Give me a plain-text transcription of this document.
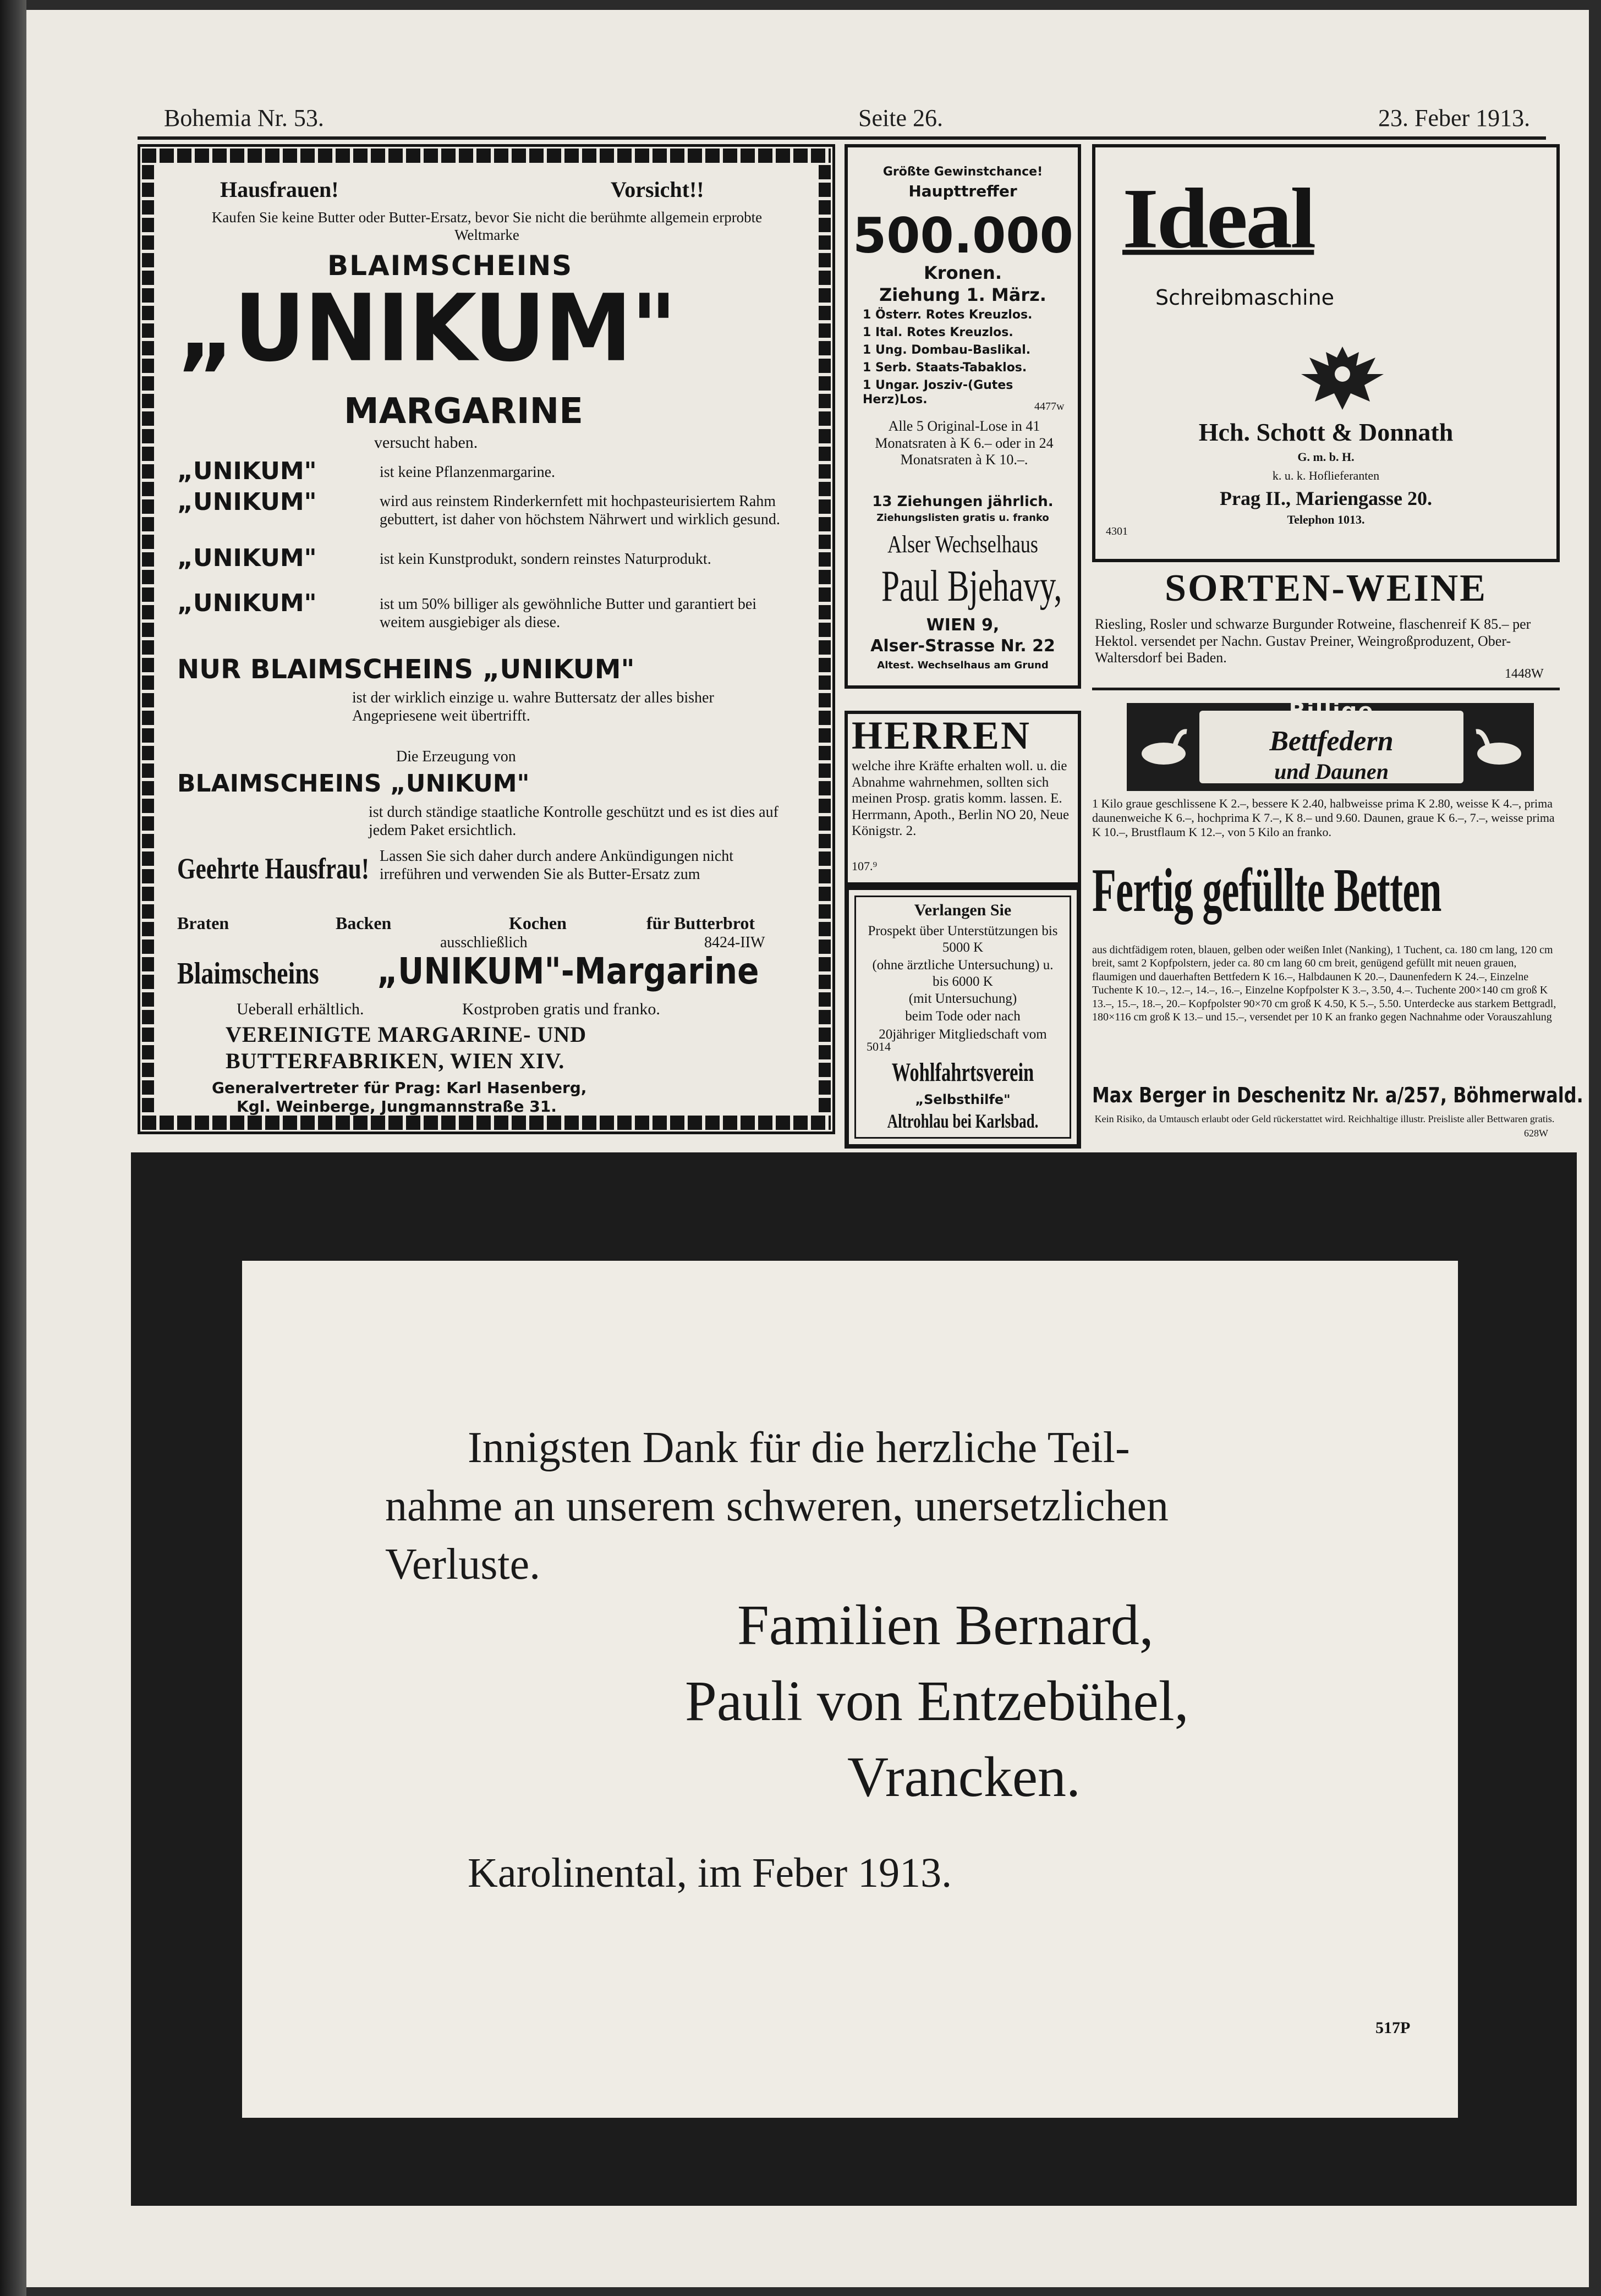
Bohemia Nr. 53.	Seite 26.	23. Feber 1913.
Hausfrauen!	Vorsicht!!
Kaufen Sie keine Butter oder Butter-Ersatz, bevor Sie nicht die berühmte allgemein erprobte Weltmarke
BLAIMSCHEINS
„UNIKUM"
MARGARINE
versucht haben.
„UNIKUM"	ist keine Pflanzenmargarine.
„UNIKUM"	wird aus reinstem Rinderkernfett mit hochpasteurisiertem Rahm gebuttert, ist daher von höchstem Nährwert und wirklich gesund.
„UNIKUM"	ist kein Kunstprodukt, sondern reinstes Naturprodukt.
„UNIKUM"	ist um 50% billiger als gewöhnliche Butter und garantiert bei weitem ausgiebiger als diese.
NUR BLAIMSCHEINS „UNIKUM"
ist der wirklich einzige u. wahre Buttersatz der alles bisher Angepriesene weit übertrifft.
Die Erzeugung von
BLAIMSCHEINS „UNIKUM"
ist durch ständige staatliche Kontrolle geschützt und es ist dies auf jedem Paket ersichtlich.
Geehrte Hausfrau! Lassen Sie sich daher durch andere Ankündigungen nicht irreführen und verwenden Sie als Butter-Ersatz zum
Braten	Backen	Kochen	für Butterbrot
ausschließlich	8424-IIW
Blaimscheins „UNIKUM"-Margarine
Ueberall erhältlich.	Kostproben gratis und franko.
VEREINIGTE MARGARINE- UND
BUTTERFABRIKEN, WIEN XIV.
Generalvertreter für Prag: Karl Hasenberg,
Kgl. Weinberge, Jungmannstraße 31.
Größte Gewinstchance!
Haupttreffer
500.000
Kronen.
Ziehung 1. März.
1 Österr. Rotes Kreuzlos.
1 Ital. Rotes Kreuzlos.
1 Ung. Dombau-Baslikal.
1 Serb. Staats-Tabaklos.
1 Ungar. Josziv-(Gutes Herz)Los.
4477w
Alle 5 Original-Lose in 41 Monatsraten à K 6.– oder in 24 Monatsraten à K 10.–.
13 Ziehungen jährlich.
Ziehungslisten gratis u. franko
Alser Wechselhaus
Paul Bjehavy,
WIEN 9,
Alser-Strasse Nr. 22
Altest. Wechselhaus am Grund
HERREN
welche ihre Kräfte erhalten woll. u. die Abnahme wahrnehmen, sollten sich meinen Prosp. gratis komm. lassen. E. Herrmann, Apoth., Berlin NO 20, Neue Königstr. 2.
107.⁹
Verlangen Sie
Prospekt über Unterstützungen bis 5000 K
(ohne ärztliche Untersuchung) u. bis 6000 K
(mit Untersuchung)
beim Tode oder nach
20jähriger Mitgliedschaft vom
5014
Wohlfahrtsverein
„Selbsthilfe"
Altrohlau bei Karlsbad.
Ideal
Schreibmaschine
Hch. Schott & Donnath
G. m. b. H.
k. u. k. Hoflieferanten
Prag II., Mariengasse 20.
Telephon 1013.
4301
SORTEN-WEINE
Riesling, Rosler und schwarze Burgunder Rotweine, flaschenreif K 85.– per Hektol. versendet per Nachn. Gustav Preiner, Weingroßproduzent, Ober-Waltersdorf bei Baden.
1448W
Billige
Bettfedern
und Daunen
1 Kilo graue geschlissene K 2.–, bessere K 2.40, halbweisse prima K 2.80, weisse K 4.–, prima daunenweiche K 6.–, hochprima K 7.–, K 8.– und 9.60. Daunen, graue K 6.–, 7.–, weisse prima K 10.–, Brustflaum K 12.–, von 5 Kilo an franko.
Fertig gefüllte Betten
aus dichtfädigem roten, blauen, gelben oder weißen Inlet (Nanking), 1 Tuchent, ca. 180 cm lang, 120 cm breit, samt 2 Kopfpolstern, jeder ca. 80 cm lang 60 cm breit, genügend gefüllt mit neuen grauen, flaumigen und dauerhaften Bettfedern K 16.–, Halbdaunen K 20.–, Daunenfedern K 24.–, Einzelne Tuchente K 10.–, 12.–, 14.–, 16.–, Einzelne Kopfpolster K 3.–, 3.50, 4.–. Tuchente 200×140 cm groß K 13.–, 15.–, 18.–, 20.– Kopfpolster 90×70 cm groß K 4.50, K 5.–, 5.50. Unterdecke aus starkem Bettgradl, 180×116 cm groß K 13.– und 15.–, versendet per 10 K an franko gegen Nachnahme oder Vorauszahlung
Max Berger in Deschenitz Nr. a/257, Böhmerwald.
Kein Risiko, da Umtausch erlaubt oder Geld rückerstattet wird. Reichhaltige illustr. Preisliste aller Bettwaren gratis.
628W
Innigsten Dank für die herzliche Teil-
nahme an unserem schweren, unersetzlichen
Verluste.
Familien Bernard,
Pauli von Entzebühel,
Vrancken.
Karolinental, im Feber 1913.
517P
